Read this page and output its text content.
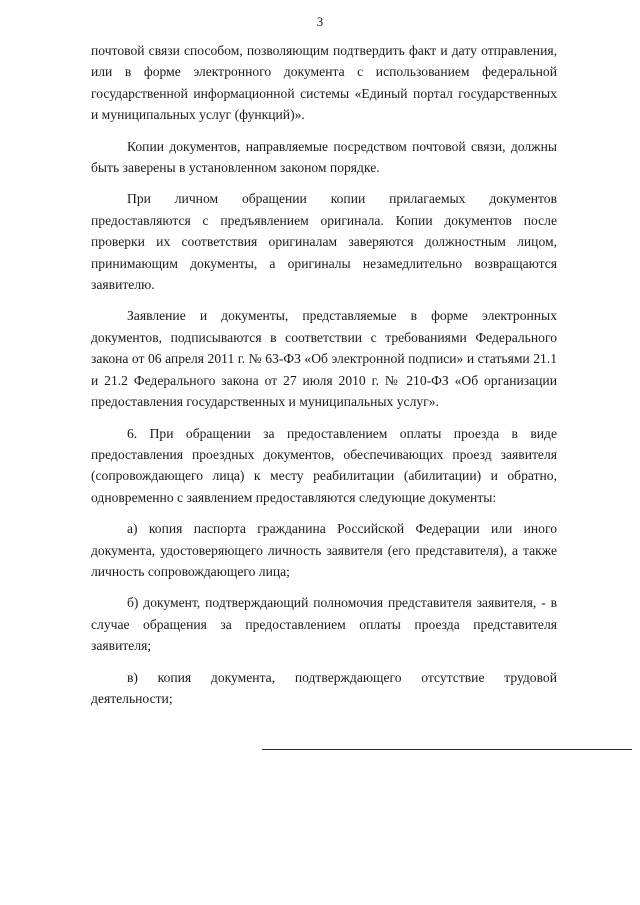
3

почтовой связи способом, позволяющим подтвердить факт и дату отправления, или в форме электронного документа с использованием федеральной государственной информационной системы «Единый портал государственных и муниципальных услуг (функций)».

Копии документов, направляемые посредством почтовой связи, должны быть заверены в установленном законом порядке.

При личном обращении копии прилагаемых документов предоставляются с предъявлением оригинала. Копии документов после проверки их соответствия оригиналам заверяются должностным лицом, принимающим документы, а оригиналы незамедлительно возвращаются заявителю.

Заявление и документы, представляемые в форме электронных документов, подписываются в соответствии с требованиями Федерального закона от 06 апреля 2011 г. № 63-ФЗ «Об электронной подписи» и статьями 21.1 и 21.2 Федерального закона от 27 июля 2010 г. № 210-ФЗ «Об организации предоставления государственных и муниципальных услуг».

6. При обращении за предоставлением оплаты проезда в виде предоставления проездных документов, обеспечивающих проезд заявителя (сопровождающего лица) к месту реабилитации (абилитации) и обратно, одновременно с заявлением предоставляются следующие документы:

а) копия паспорта гражданина Российской Федерации или иного документа, удостоверяющего личность заявителя (его представителя), а также личность сопровождающего лица;

б) документ, подтверждающий полномочия представителя заявителя, - в случае обращения за предоставлением оплаты проезда представителя заявителя;

в) копия документа, подтверждающего отсутствие трудовой деятельности;
